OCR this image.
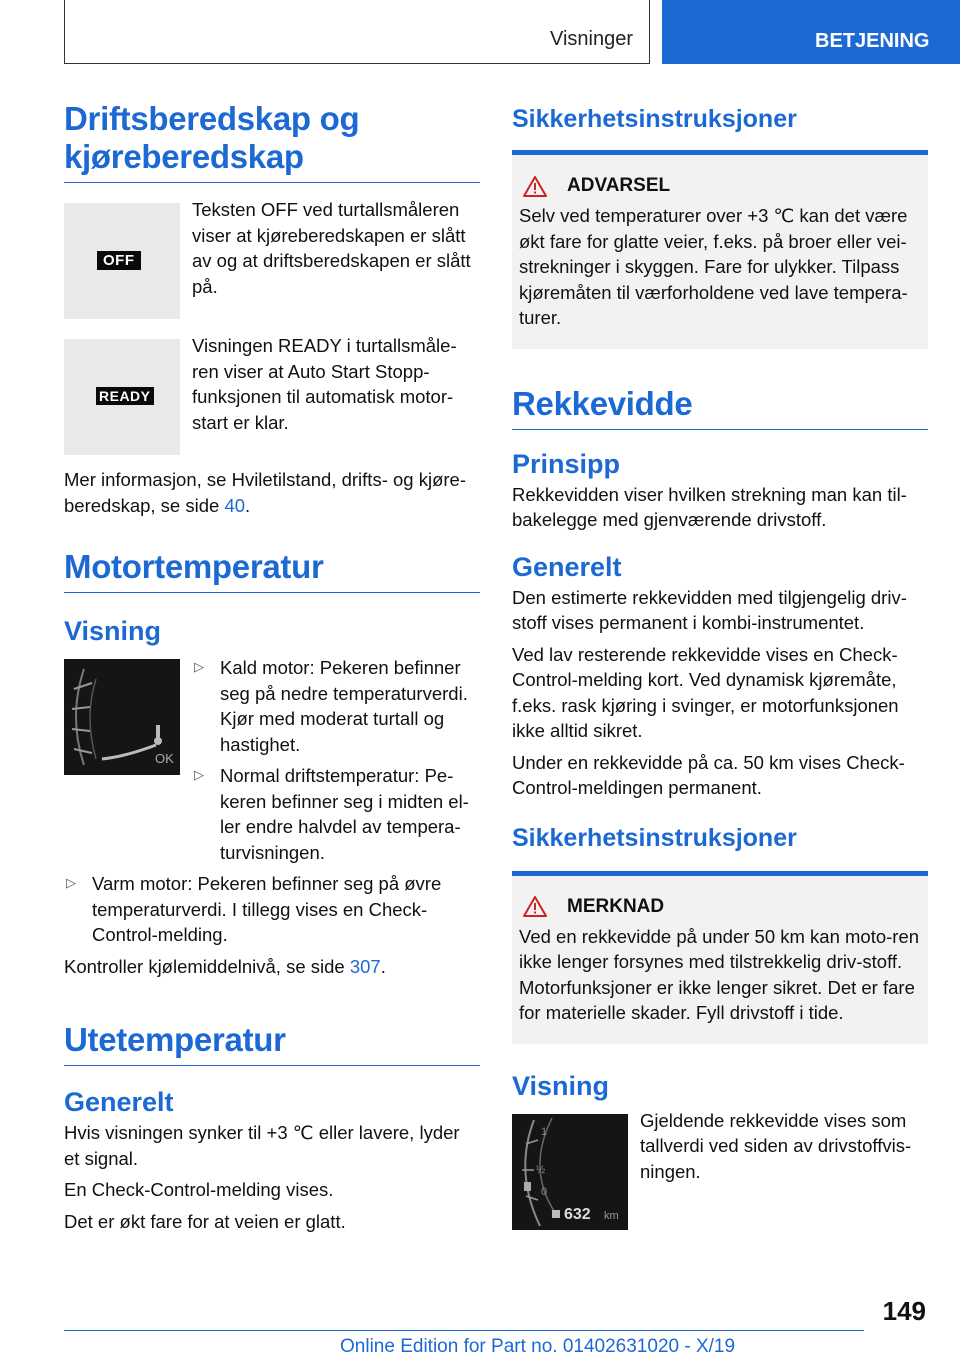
Visninger	BETJENING
Driftsberedskap og kjøreberedskap
OFF
Teksten OFF ved turtallsmåleren viser at kjøreberedskapen er slått av og at driftsberedskapen er slått på.
READY
Visningen READY i turtallsmåle-ren viser at Auto Start Stopp-funksjonen til automatisk motor-start er klar.

Mer informasjon, se Hviletilstand, drifts- og kjøre-beredskap, se side 40.

Motortemperatur
Visning
OK
▷ Kald motor: Pekeren befinner seg på nedre temperaturverdi. Kjør med moderat turtall og hastighet.
▷ Normal driftstemperatur: Pe-keren befinner seg i midten el-ler endre halvdel av tempera-turvisningen.
▷ Varm motor: Pekeren befinner seg på øvre temperaturverdi. I tillegg vises en Check-Control-melding.

Kontroller kjølemiddelnivå, se side 307.

Utetemperatur
Generelt

Hvis visningen synker til +3 ℃ eller lavere, lyder et signal.

En Check-Control-melding vises.

Det er økt fare for at veien er glatt.

Sikkerhetsinstruksjoner
ADVARSEL

Selv ved temperaturer over +3 ℃ kan det være økt fare for glatte veier, f.eks. på broer eller vei-strekninger i skyggen. Fare for ulykker. Tilpass kjøremåten til værforholdene ved lave tempera-turer.

Rekkevidde
Prinsipp

Rekkevidden viser hvilken strekning man kan til-bakelegge med gjenværende drivstoff.

Generelt

Den estimerte rekkevidden med tilgjengelig driv-stoff vises permanent i kombi-instrumentet.

Ved lav resterende rekkevidde vises en Check-Control-melding kort. Ved dynamisk kjøremåte, f.eks. rask kjøring i svinger, er motorfunksjonen ikke alltid sikret.

Under en rekkevidde på ca. 50 km vises Check-Control-meldingen permanent.

Sikkerhetsinstruksjoner
MERKNAD

Ved en rekkevidde på under 50 km kan moto-ren ikke lenger forsynes med tilstrekkelig driv-stoff. Motorfunksjoner er ikke lenger sikret. Det er fare for materielle skader. Fyll drivstoff i tide.

Visning
1
½
0
632 km
Gjeldende rekkevidde vises som tallverdi ved siden av drivstoffvis-ningen.
149
Online Edition for Part no. 01402631020 - X/19
